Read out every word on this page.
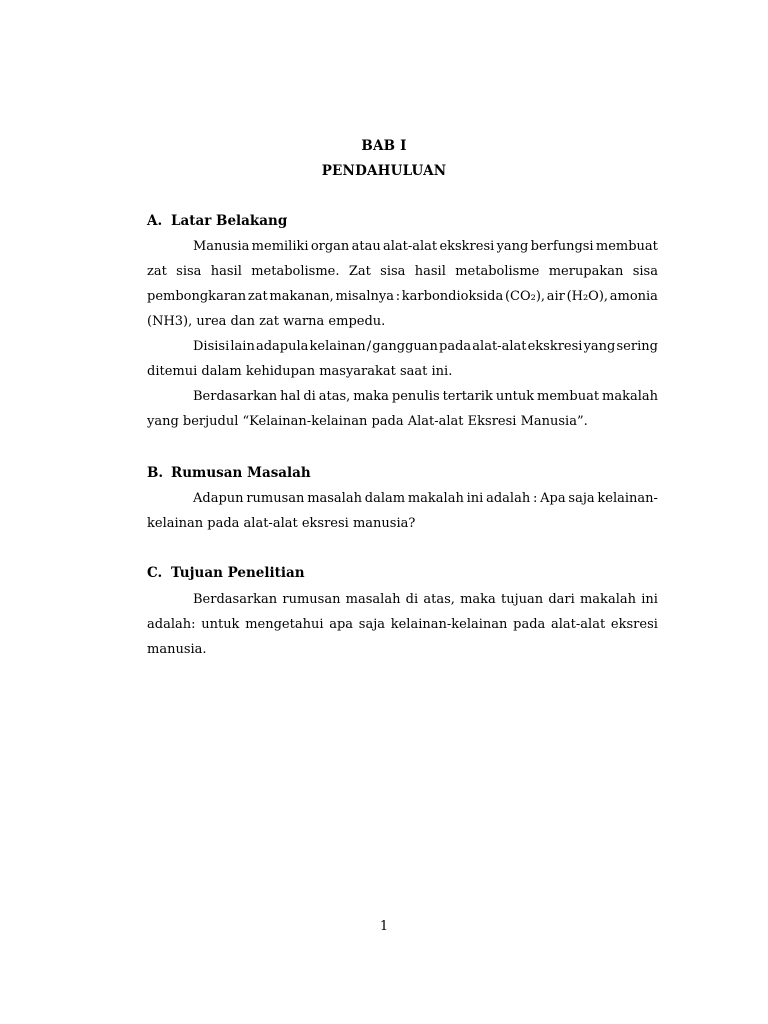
BAB I
PENDAHULUAN
A. Latar Belakang
Manusia memiliki organ atau alat-alat ekskresi yang berfungsi membuat
zat sisa hasil metabolisme. Zat sisa hasil metabolisme merupakan sisa
pembongkaran zat makanan, misalnya : karbondioksida (CO₂), air (H₂O), amonia
(NH3), urea dan zat warna empedu.
Disisi lain adapula kelainan / gangguan pada alat-alat ekskresi yang sering
ditemui dalam kehidupan masyarakat saat ini.
Berdasarkan hal di atas, maka penulis tertarik untuk membuat makalah
yang berjudul “Kelainan-kelainan pada Alat-alat Eksresi Manusia”.
B. Rumusan Masalah
Adapun rumusan masalah dalam makalah ini adalah : Apa saja kelainan-
kelainan pada alat-alat eksresi manusia?
C. Tujuan Penelitian
Berdasarkan rumusan masalah di atas, maka tujuan dari makalah ini
adalah: untuk mengetahui apa saja kelainan-kelainan pada alat-alat eksresi
manusia.
1
